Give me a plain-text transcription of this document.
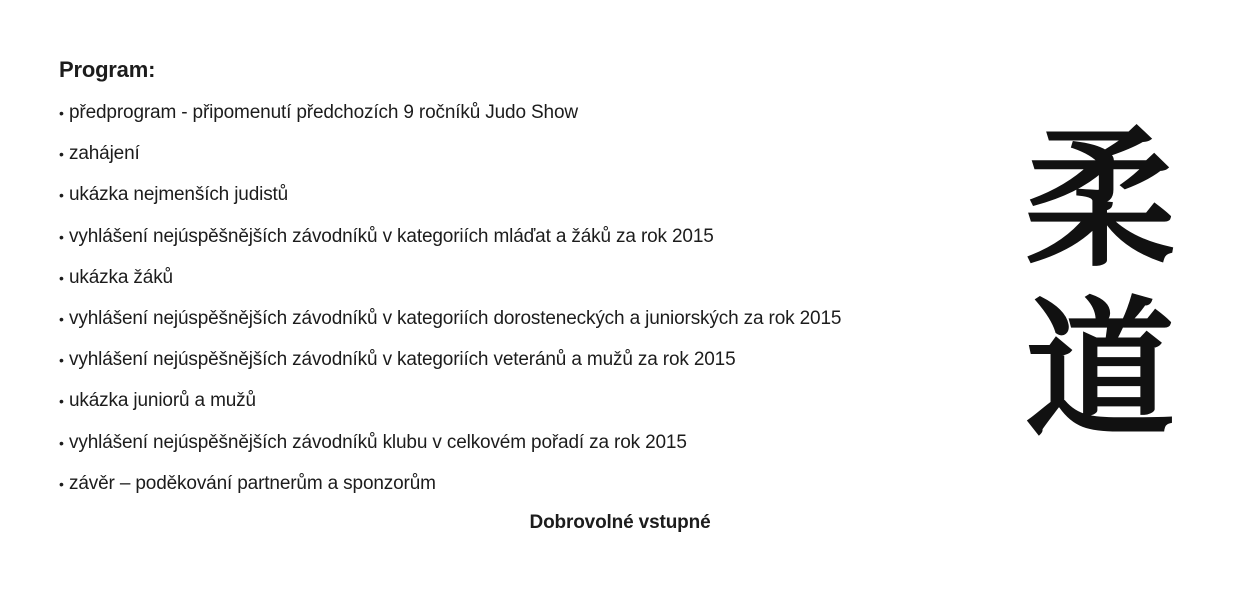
Program:
• předprogram - připomenutí předchozích 9 ročníků Judo Show
• zahájení
• ukázka nejmenších judistů
• vyhlášení nejúspěšnějších závodníků v kategoriích mláďat a žáků za rok 2015
• ukázka žáků
• vyhlášení nejúspěšnějších závodníků v kategoriích dorosteneckých a juniorských za rok 2015
• vyhlášení nejúspěšnějších závodníků v kategoriích veteránů a mužů za rok 2015
• ukázka juniorů a mužů
• vyhlášení nejúspěšnějších závodníků klubu v celkovém pořadí za rok 2015
• závěr – poděkování partnerům a sponzorům
Dobrovolné vstupné
柔
道
